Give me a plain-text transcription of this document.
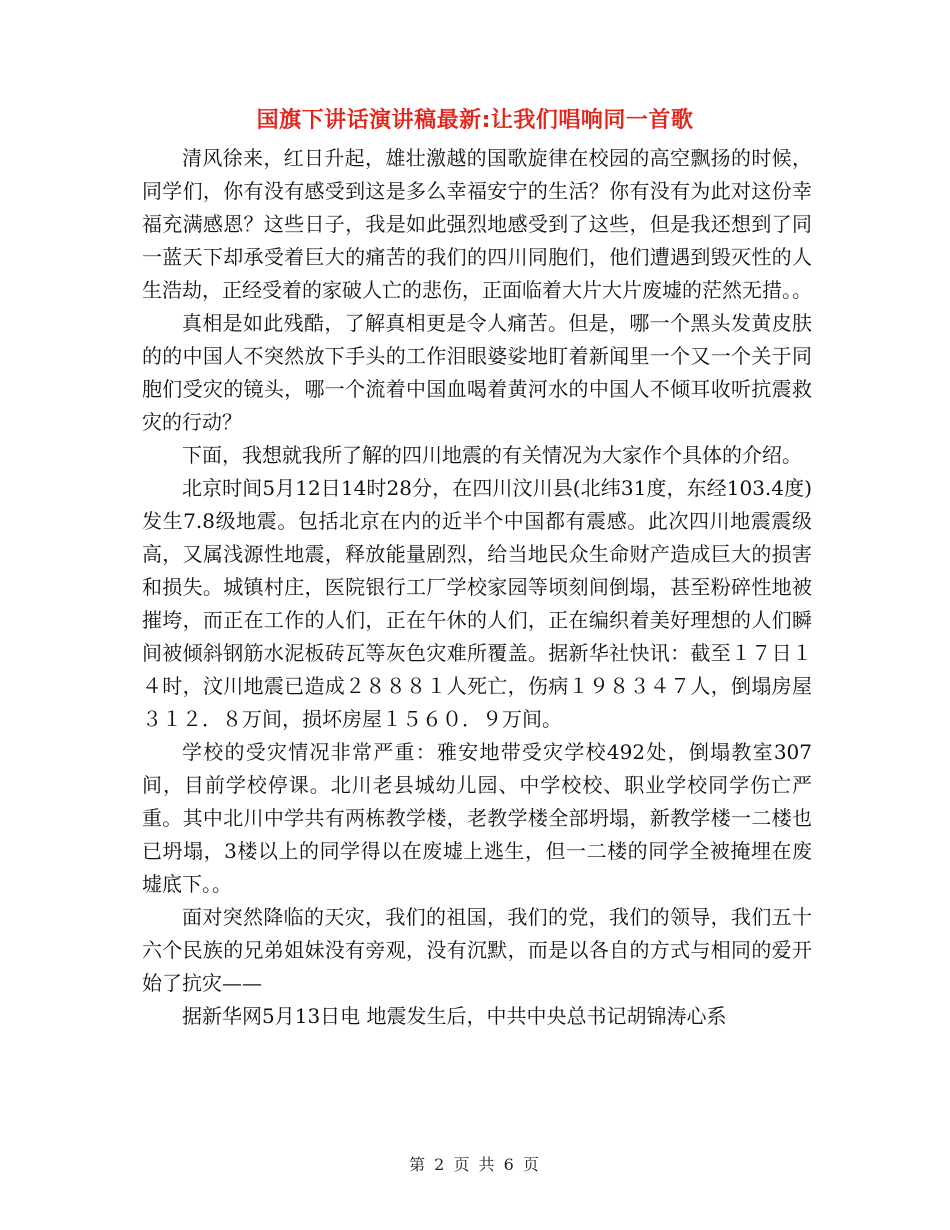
国旗下讲话演讲稿最新:让我们唱响同一首歌

清风徐来，红日升起，雄壮激越的国歌旋律在校园的高空飘扬的时候，同学们，你有没有感受到这是多么幸福安宁的生活？你有没有为此对这份幸福充满感恩？这些日子，我是如此强烈地感受到了这些，但是我还想到了同一蓝天下却承受着巨大的痛苦的我们的四川同胞们，他们遭遇到毁灭性的人生浩劫，正经受着的家破人亡的悲伤，正面临着大片大片废墟的茫然无措。。

真相是如此残酷，了解真相更是令人痛苦。但是，哪一个黑头发黄皮肤的的中国人不突然放下手头的工作泪眼婆娑地盯着新闻里一个又一个关于同胞们受灾的镜头，哪一个流着中国血喝着黄河水的中国人不倾耳收听抗震救灾的行动？

下面，我想就我所了解的四川地震的有关情况为大家作个具体的介绍。

北京时间5月12日14时28分，在四川汶川县(北纬31度，东经103.4度)发生7.8级地震。包括北京在内的近半个中国都有震感。此次四川地震震级高，又属浅源性地震，释放能量剧烈，给当地民众生命财产造成巨大的损害和损失。城镇村庄，医院银行工厂学校家园等顷刻间倒塌，甚至粉碎性地被摧垮，而正在工作的人们，正在午休的人们，正在编织着美好理想的人们瞬间被倾斜钢筋水泥板砖瓦等灰色灾难所覆盖。据新华社快讯：截至１７日１４时，汶川地震已造成２８８８１人死亡，伤病１９８３４７人，倒塌房屋３１２．８万间，损坏房屋１５６０．９万间。

学校的受灾情况非常严重：雅安地带受灾学校492处，倒塌教室307间，目前学校停课。北川老县城幼儿园、中学校校、职业学校同学伤亡严重。其中北川中学共有两栋教学楼，老教学楼全部坍塌，新教学楼一二楼也已坍塌，3楼以上的同学得以在废墟上逃生，但一二楼的同学全被掩埋在废墟底下。。

面对突然降临的天灾，我们的祖国，我们的党，我们的领导，我们五十六个民族的兄弟姐妹没有旁观，没有沉默，而是以各自的方式与相同的爱开始了抗灾——

据新华网5月13日电 地震发生后，中共中央总书记胡锦涛心系

第 2 页 共 6 页
